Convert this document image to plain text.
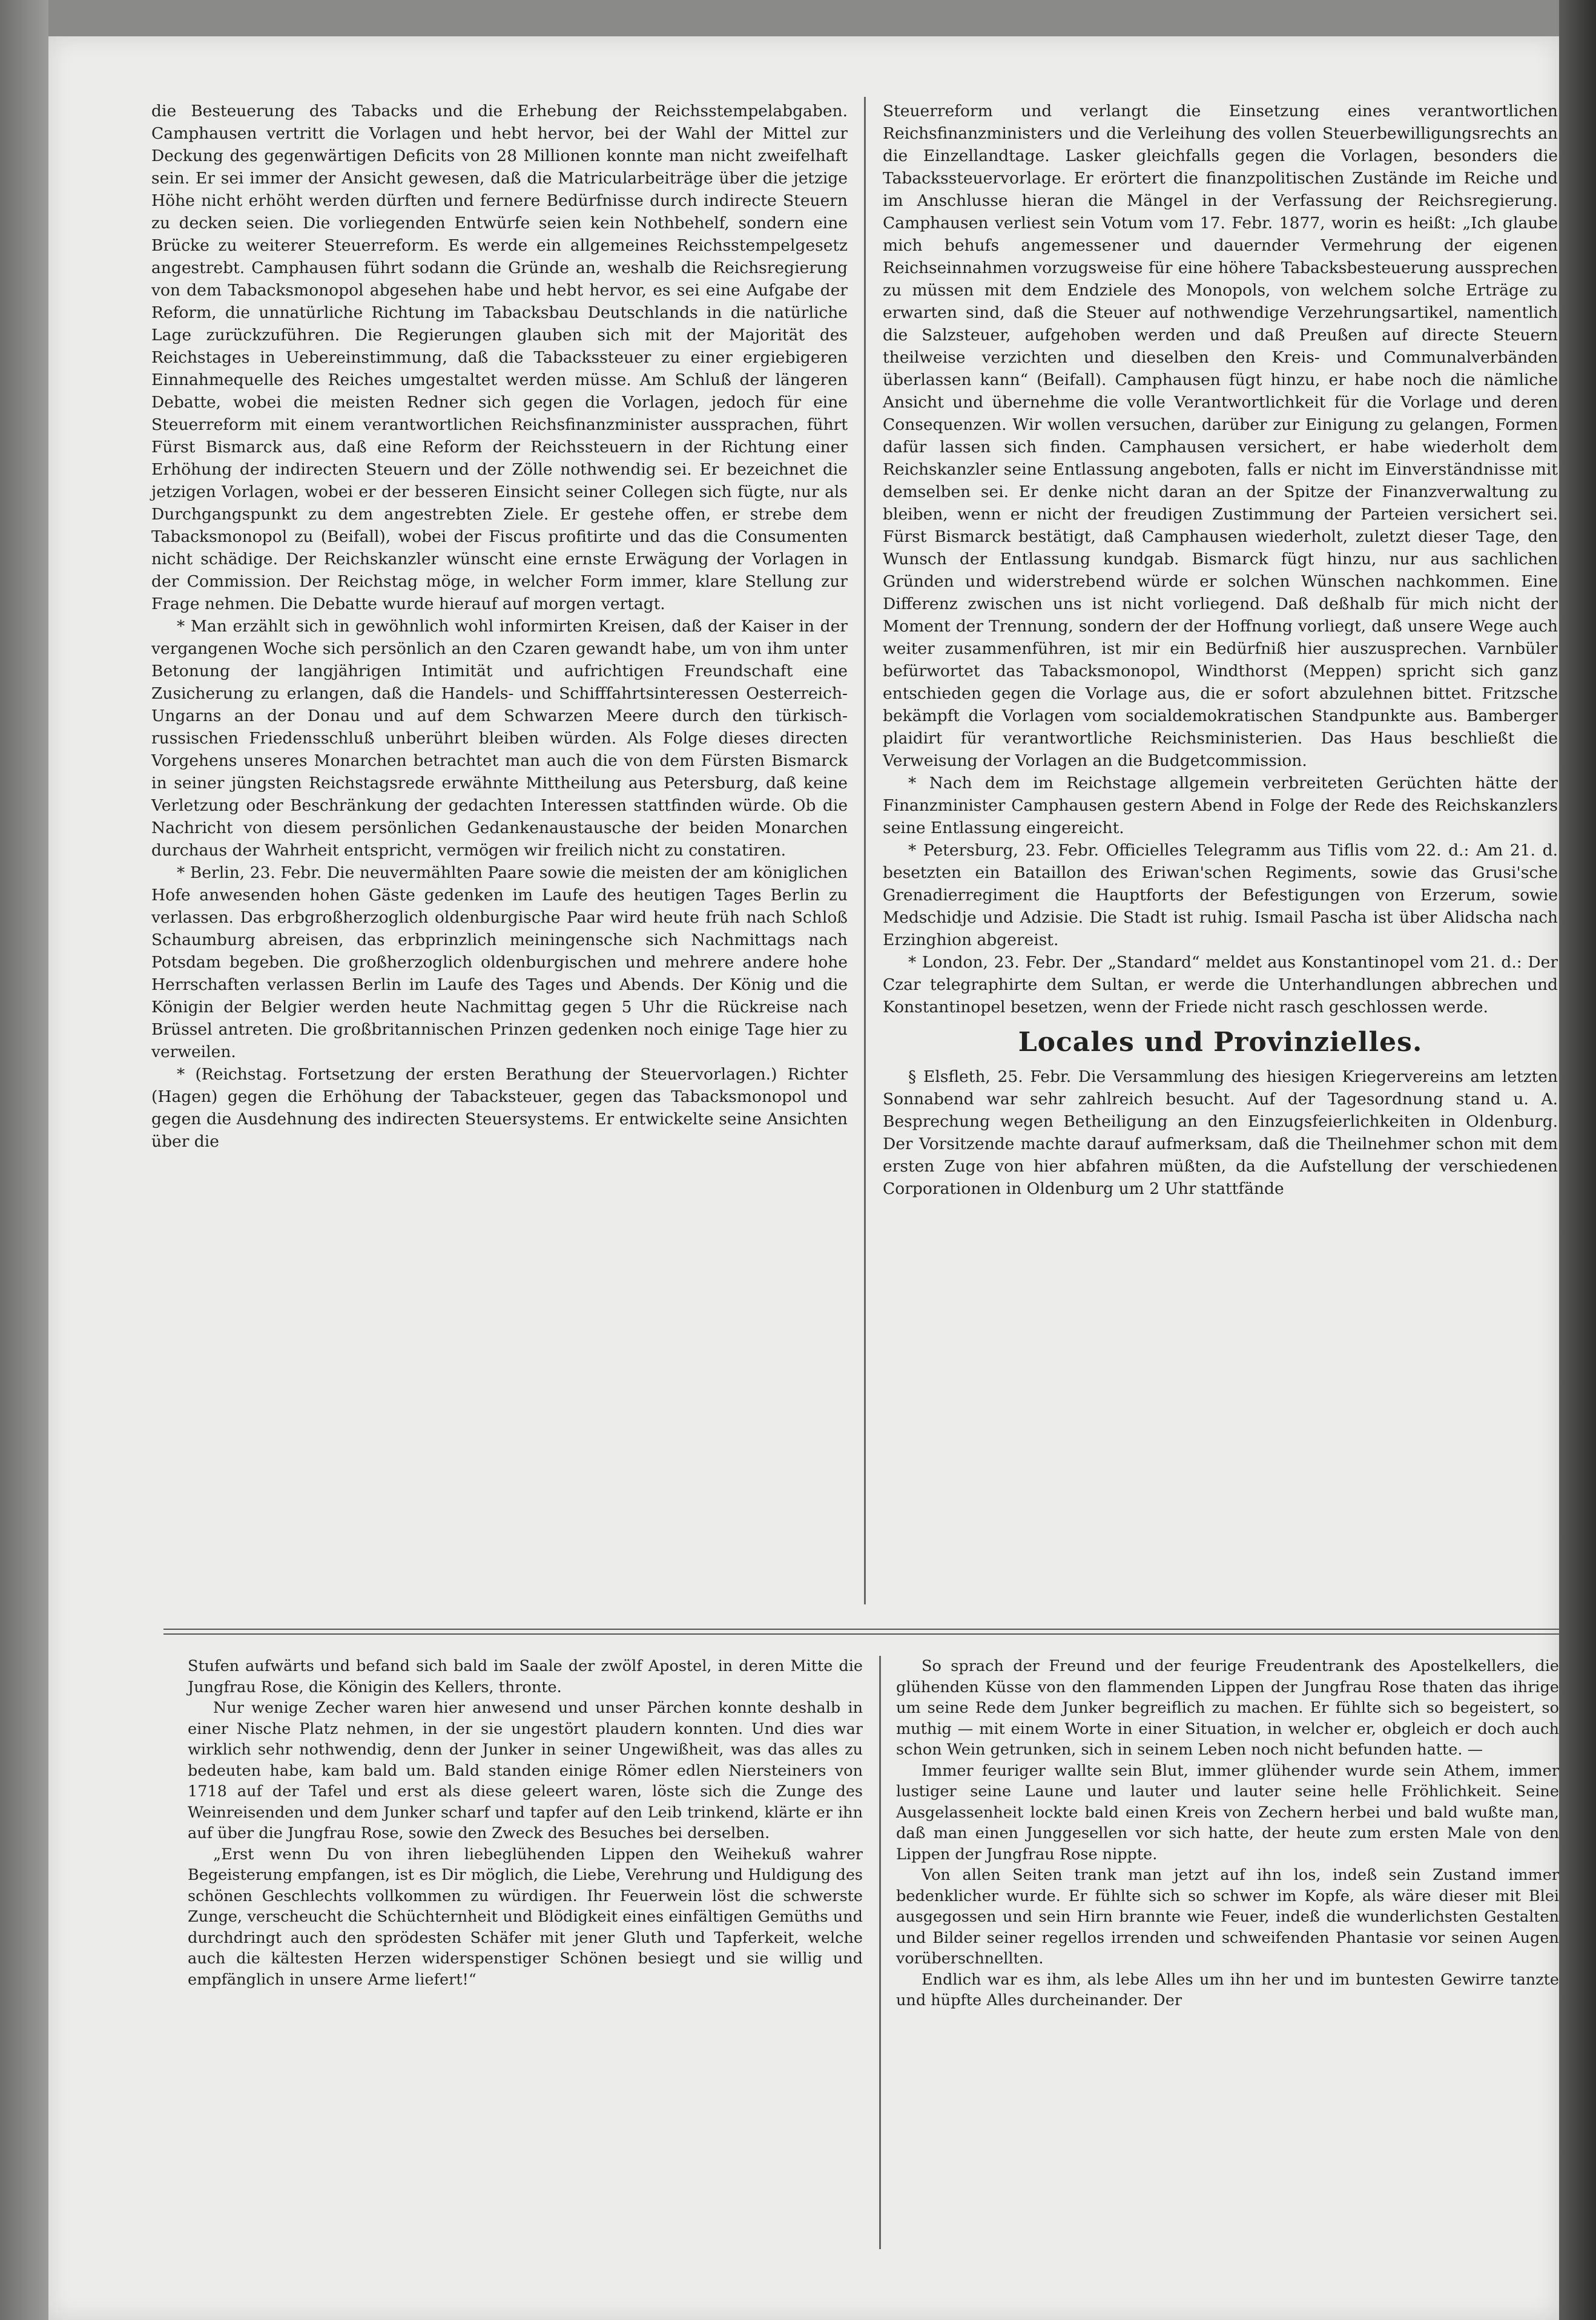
die Besteuerung des Tabacks und die Erhebung der Reichsstempelabgaben. Camphausen vertritt die Vorlagen und hebt hervor, bei der Wahl der Mittel zur Deckung des gegenwärtigen Deficits von 28 Millionen konnte man nicht zweifelhaft sein. Er sei immer der Ansicht gewesen, daß die Matricularbeiträge über die jetzige Höhe nicht erhöht werden dürften und fernere Bedürfnisse durch indirecte Steuern zu decken seien. Die vorliegenden Entwürfe seien kein Nothbehelf, sondern eine Brücke zu weiterer Steuerreform. Es werde ein allgemeines Reichsstempelgesetz angestrebt. Camphausen führt sodann die Gründe an, weshalb die Reichsregierung von dem Tabacksmonopol abgesehen habe und hebt hervor, es sei eine Aufgabe der Reform, die unnatürliche Richtung im Tabacksbau Deutschlands in die natürliche Lage zurückzuführen. Die Regierungen glauben sich mit der Majorität des Reichstages in Uebereinstimmung, daß die Tabackssteuer zu einer ergiebigeren Einnahmequelle des Reiches umgestaltet werden müsse. Am Schluß der längeren Debatte, wobei die meisten Redner sich gegen die Vorlagen, jedoch für eine Steuerreform mit einem verantwortlichen Reichsfinanzminister aussprachen, führt Fürst Bismarck aus, daß eine Reform der Reichssteuern in der Richtung einer Erhöhung der indirecten Steuern und der Zölle nothwendig sei. Er bezeichnet die jetzigen Vorlagen, wobei er der besseren Einsicht seiner Collegen sich fügte, nur als Durchgangspunkt zu dem angestrebten Ziele. Er gestehe offen, er strebe dem Tabacksmonopol zu (Beifall), wobei der Fiscus profitirte und das die Consumenten nicht schädige. Der Reichskanzler wünscht eine ernste Erwägung der Vorlagen in der Commission. Der Reichstag möge, in welcher Form immer, klare Stellung zur Frage nehmen. Die Debatte wurde hierauf auf morgen vertagt.

* Man erzählt sich in gewöhnlich wohl informirten Kreisen, daß der Kaiser in der vergangenen Woche sich persönlich an den Czaren gewandt habe, um von ihm unter Betonung der langjährigen Intimität und aufrichtigen Freundschaft eine Zusicherung zu erlangen, daß die Handels- und Schifffahrtsinteressen Oesterreich-Ungarns an der Donau und auf dem Schwarzen Meere durch den türkisch-russischen Friedensschluß unberührt bleiben würden. Als Folge dieses directen Vorgehens unseres Monarchen betrachtet man auch die von dem Fürsten Bismarck in seiner jüngsten Reichstagsrede erwähnte Mittheilung aus Petersburg, daß keine Verletzung oder Beschränkung der gedachten Interessen stattfinden würde. Ob die Nachricht von diesem persönlichen Gedankenaustausche der beiden Monarchen durchaus der Wahrheit entspricht, vermögen wir freilich nicht zu constatiren.

* Berlin, 23. Febr. Die neuvermählten Paare sowie die meisten der am königlichen Hofe anwesenden hohen Gäste gedenken im Laufe des heutigen Tages Berlin zu verlassen. Das erbgroßherzoglich oldenburgische Paar wird heute früh nach Schloß Schaumburg abreisen, das erbprinzlich meiningensche sich Nachmittags nach Potsdam begeben. Die großherzoglich oldenburgischen und mehrere andere hohe Herrschaften verlassen Berlin im Laufe des Tages und Abends. Der König und die Königin der Belgier werden heute Nachmittag gegen 5 Uhr die Rückreise nach Brüssel antreten. Die großbritannischen Prinzen gedenken noch einige Tage hier zu verweilen.

* (Reichstag. Fortsetzung der ersten Berathung der Steuervorlagen.) Richter (Hagen) gegen die Erhöhung der Tabacksteuer, gegen das Tabacksmonopol und gegen die Ausdehnung des indirecten Steuersystems. Er entwickelte seine Ansichten über die

Steuerreform und verlangt die Einsetzung eines verantwortlichen Reichsfinanzministers und die Verleihung des vollen Steuerbewilligungsrechts an die Einzellandtage. Lasker gleichfalls gegen die Vorlagen, besonders die Tabackssteuervorlage. Er erörtert die finanzpolitischen Zustände im Reiche und im Anschlusse hieran die Mängel in der Verfassung der Reichsregierung. Camphausen verliest sein Votum vom 17. Febr. 1877, worin es heißt: „Ich glaube mich behufs angemessener und dauernder Vermehrung der eigenen Reichseinnahmen vorzugsweise für eine höhere Tabacksbesteuerung aussprechen zu müssen mit dem Endziele des Monopols, von welchem solche Erträge zu erwarten sind, daß die Steuer auf nothwendige Verzehrungsartikel, namentlich die Salzsteuer, aufgehoben werden und daß Preußen auf directe Steuern theilweise verzichten und dieselben den Kreis- und Communalverbänden überlassen kann“ (Beifall). Camphausen fügt hinzu, er habe noch die nämliche Ansicht und übernehme die volle Verantwortlichkeit für die Vorlage und deren Consequenzen. Wir wollen versuchen, darüber zur Einigung zu gelangen, Formen dafür lassen sich finden. Camphausen versichert, er habe wiederholt dem Reichskanzler seine Entlassung angeboten, falls er nicht im Einverständnisse mit demselben sei. Er denke nicht daran an der Spitze der Finanzverwaltung zu bleiben, wenn er nicht der freudigen Zustimmung der Parteien versichert sei. Fürst Bismarck bestätigt, daß Camphausen wiederholt, zuletzt dieser Tage, den Wunsch der Entlassung kundgab. Bismarck fügt hinzu, nur aus sachlichen Gründen und widerstrebend würde er solchen Wünschen nachkommen. Eine Differenz zwischen uns ist nicht vorliegend. Daß deßhalb für mich nicht der Moment der Trennung, sondern der der Hoffnung vorliegt, daß unsere Wege auch weiter zusammenführen, ist mir ein Bedürfniß hier auszusprechen. Varnbüler befürwortet das Tabacksmonopol, Windthorst (Meppen) spricht sich ganz entschieden gegen die Vorlage aus, die er sofort abzulehnen bittet. Fritzsche bekämpft die Vorlagen vom socialdemokratischen Standpunkte aus. Bamberger plaidirt für verantwortliche Reichsministerien. Das Haus beschließt die Verweisung der Vorlagen an die Budgetcommission.

* Nach dem im Reichstage allgemein verbreiteten Gerüchten hätte der Finanzminister Camphausen gestern Abend in Folge der Rede des Reichskanzlers seine Entlassung eingereicht.

* Petersburg, 23. Febr. Officielles Telegramm aus Tiflis vom 22. d.: Am 21. d. besetzten ein Bataillon des Eriwan'schen Regiments, sowie das Grusi'sche Grenadierregiment die Hauptforts der Befestigungen von Erzerum, sowie Medschidje und Adzisie. Die Stadt ist ruhig. Ismail Pascha ist über Alidscha nach Erzinghion abgereist.

* London, 23. Febr. Der „Standard“ meldet aus Konstantinopel vom 21. d.: Der Czar telegraphirte dem Sultan, er werde die Unterhandlungen abbrechen und Konstantinopel besetzen, wenn der Friede nicht rasch geschlossen werde.

Locales und Provinzielles.

§ Elsfleth, 25. Febr. Die Versammlung des hiesigen Kriegervereins am letzten Sonnabend war sehr zahlreich besucht. Auf der Tagesordnung stand u. A. Besprechung wegen Betheiligung an den Einzugsfeierlichkeiten in Oldenburg. Der Vorsitzende machte darauf aufmerksam, daß die Theilnehmer schon mit dem ersten Zuge von hier abfahren müßten, da die Aufstellung der verschiedenen Corporationen in Oldenburg um 2 Uhr stattfände

Stufen aufwärts und befand sich bald im Saale der zwölf Apostel, in deren Mitte die Jungfrau Rose, die Königin des Kellers, thronte.

Nur wenige Zecher waren hier anwesend und unser Pärchen konnte deshalb in einer Nische Platz nehmen, in der sie ungestört plaudern konnten. Und dies war wirklich sehr nothwendig, denn der Junker in seiner Ungewißheit, was das alles zu bedeuten habe, kam bald um. Bald standen einige Römer edlen Niersteiners von 1718 auf der Tafel und erst als diese geleert waren, löste sich die Zunge des Weinreisenden und dem Junker scharf und tapfer auf den Leib trinkend, klärte er ihn auf über die Jungfrau Rose, sowie den Zweck des Besuches bei derselben.

„Erst wenn Du von ihren liebeglühenden Lippen den Weihekuß wahrer Begeisterung empfangen, ist es Dir möglich, die Liebe, Verehrung und Huldigung des schönen Geschlechts vollkommen zu würdigen. Ihr Feuerwein löst die schwerste Zunge, verscheucht die Schüchternheit und Blödigkeit eines einfältigen Gemüths und durchdringt auch den sprödesten Schäfer mit jener Gluth und Tapferkeit, welche auch die kältesten Herzen widerspenstiger Schönen besiegt und sie willig und empfänglich in unsere Arme liefert!“

So sprach der Freund und der feurige Freudentrank des Apostelkellers, die glühenden Küsse von den flammenden Lippen der Jungfrau Rose thaten das ihrige um seine Rede dem Junker begreiflich zu machen. Er fühlte sich so begeistert, so muthig — mit einem Worte in einer Situation, in welcher er, obgleich er doch auch schon Wein getrunken, sich in seinem Leben noch nicht befunden hatte. —

Immer feuriger wallte sein Blut, immer glühender wurde sein Athem, immer lustiger seine Laune und lauter und lauter seine helle Fröhlichkeit. Seine Ausgelassenheit lockte bald einen Kreis von Zechern herbei und bald wußte man, daß man einen Junggesellen vor sich hatte, der heute zum ersten Male von den Lippen der Jungfrau Rose nippte.

Von allen Seiten trank man jetzt auf ihn los, indeß sein Zustand immer bedenklicher wurde. Er fühlte sich so schwer im Kopfe, als wäre dieser mit Blei ausgegossen und sein Hirn brannte wie Feuer, indeß die wunderlichsten Gestalten und Bilder seiner regellos irrenden und schweifenden Phantasie vor seinen Augen vorüberschnellten.

Endlich war es ihm, als lebe Alles um ihn her und im buntesten Gewirre tanzte und hüpfte Alles durcheinander. Der
